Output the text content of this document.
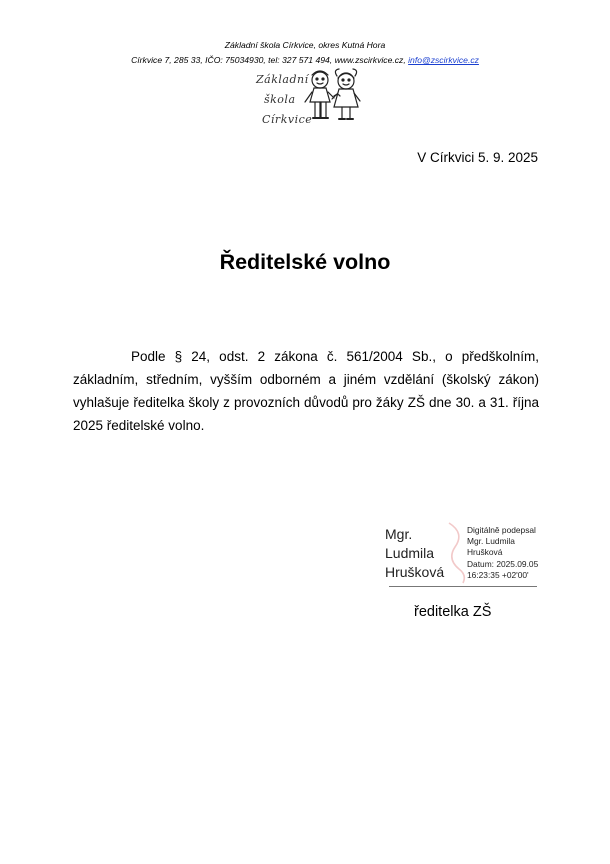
Základní škola Církvice, okres Kutná Hora
Církvice 7, 285 33, IČO: 75034930, tel: 327 571 494, www.zscirkvice.cz, info@zscirkvice.cz
Základní
škola
Církvice
V Církvici 5. 9. 2025
Ředitelské volno

Podle § 24, odst. 2 zákona č. 561/2004 Sb., o předškolním, základním, středním, vyšším odborném a jiném vzdělání (školský zákon) vyhlašuje ředitelka školy z provozních důvodů pro žáky ZŠ dne 30. a 31. října 2025 ředitelské volno.

Mgr.
Ludmila
Hrušková
Digitálně podepsal
Mgr. Ludmila
Hrušková
Datum: 2025.09.05
16:23:35 +02'00'
ředitelka ZŠ
